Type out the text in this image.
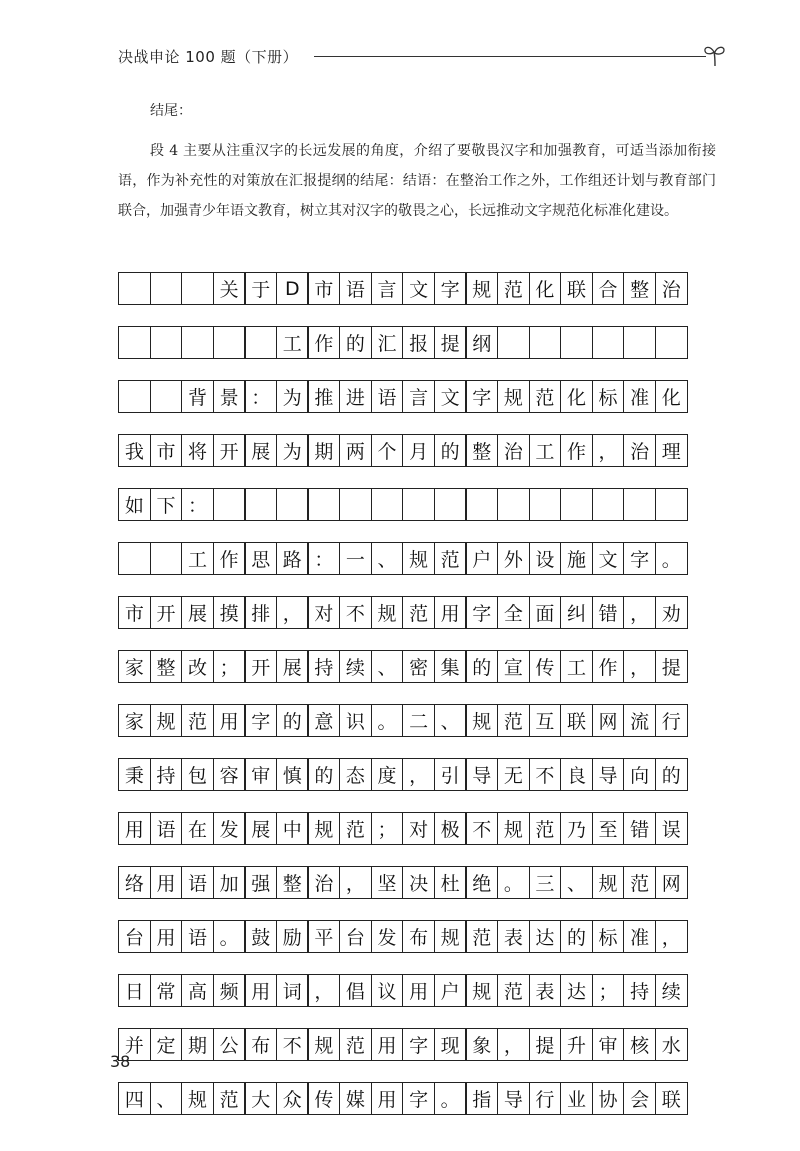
决战申论 100 题（下册）
结尾：
段 4 主要从注重汉字的长远发展的角度，介绍了要敬畏汉字和加强教育，可适当添加衔接语，作为补充性的对策放在汇报提纲的结尾：结语：在整治工作之外，工作组还计划与教育部门联合，加强青少年语文教育，树立其对汉字的敬畏之心，长远推动文字规范化标准化建设。
关 于 D 市 语 言 文 字 规 范 化 联 合 整 治
工 作 的 汇 报 提 纲
背 景 ： 为 推 进 语 言 文 字 规 范 化 标 准 化
我 市 将 开 展 为 期 两 个 月 的 整 治 工 作 ， 治 理
如 下 ：
工 作 思 路 ： 一 、 规 范 户 外 设 施 文 字 。
市 开 展 摸 排 ， 对 不 规 范 用 字 全 面 纠 错 ， 劝
家 整 改 ； 开 展 持 续 、 密 集 的 宣 传 工 作 ， 提
家 规 范 用 字 的 意 识 。 二 、 规 范 互 联 网 流 行
秉 持 包 容 审 慎 的 态 度 ， 引 导 无 不 良 导 向 的
用 语 在 发 展 中 规 范 ； 对 极 不 规 范 乃 至 错 误
络 用 语 加 强 整 治 ， 坚 决 杜 绝 。 三 、 规 范 网
台 用 语 。 鼓 励 平 台 发 布 规 范 表 达 的 标 准 ，
日 常 高 频 用 词 ， 倡 议 用 户 规 范 表 达 ； 持 续
并 定 期 公 布 不 规 范 用 字 现 象 ， 提 升 审 核 水
四 、 规 范 大 众 传 媒 用 字 。 指 导 行 业 协 会 联
38
